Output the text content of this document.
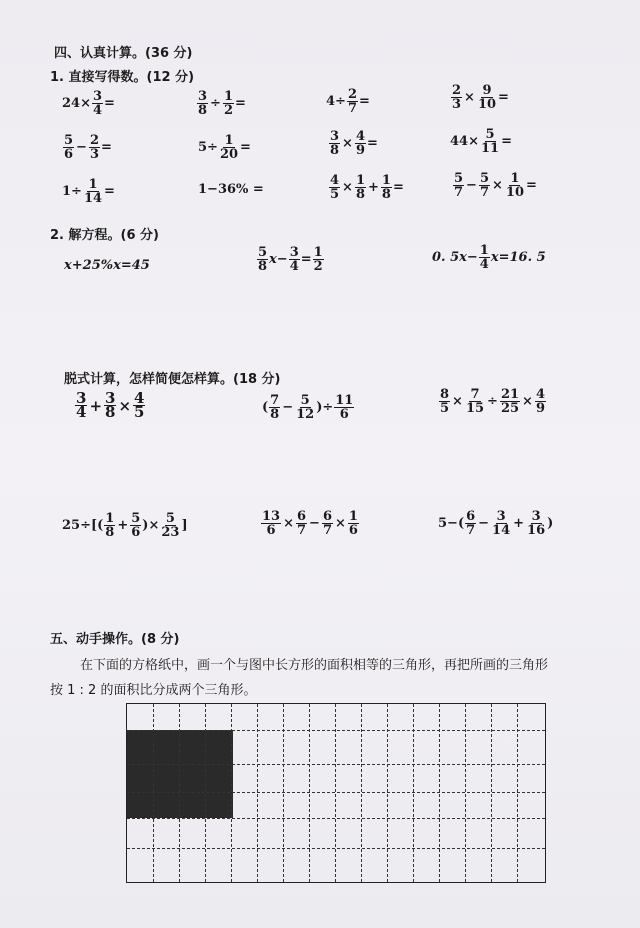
四、认真计算。(36 分)
1. 直接写得数。(12 分)
$24\times \frac{3}{4}$ =	$\frac{3}{8} \div \frac{1}{2}$ =	$4\div \frac{2}{7}$ =	$\frac{2}{3} \times \frac{9}{10}$ =
$\frac{5}{6} - \frac{2}{3}$ =	$5\div \frac{1}{20}$ =	$\frac{3}{8} \times \frac{4}{9}$ =	$44\times \frac{5}{11}$ =
$1\div \frac{1}{14}$ =	1−36% =	$\frac{4}{5} \times \frac{1}{8} + \frac{1}{8}$ =	$\frac{5}{7} - \frac{5}{7} \times \frac{1}{10}$ =
2. 解方程。(6 分)
x+25%x=45	$\frac{5}{8} x- \frac{3}{4} = \frac{1}{2}$	0. $5x- \frac{1}{4} x=16$. 5
脱式计算，怎样简便怎样算。(18 分)
$\frac{3}{4} + \frac{3}{8} \times \frac{4}{5}$	( $\frac{7}{8} - \frac{5}{12}$ )÷ $\frac{11}{6}$	$\frac{8}{5} \times \frac{7}{15} \div \frac{21}{25} \times \frac{4}{9}$
$25\div[( \frac{1}{8} + \frac{5}{6}$ )× $\frac{5}{23}$ ]	$\frac{13}{6} \times \frac{6}{7} - \frac{6}{7} \times \frac{1}{6}$	$5-( \frac{6}{7} - \frac{3}{14} + \frac{3}{16}$ )
五、动手操作。(8 分)
在下面的方格纸中，画一个与图中长方形的面积相等的三角形，再把所画的三角形
按 1 : 2 的面积比分成两个三角形。
